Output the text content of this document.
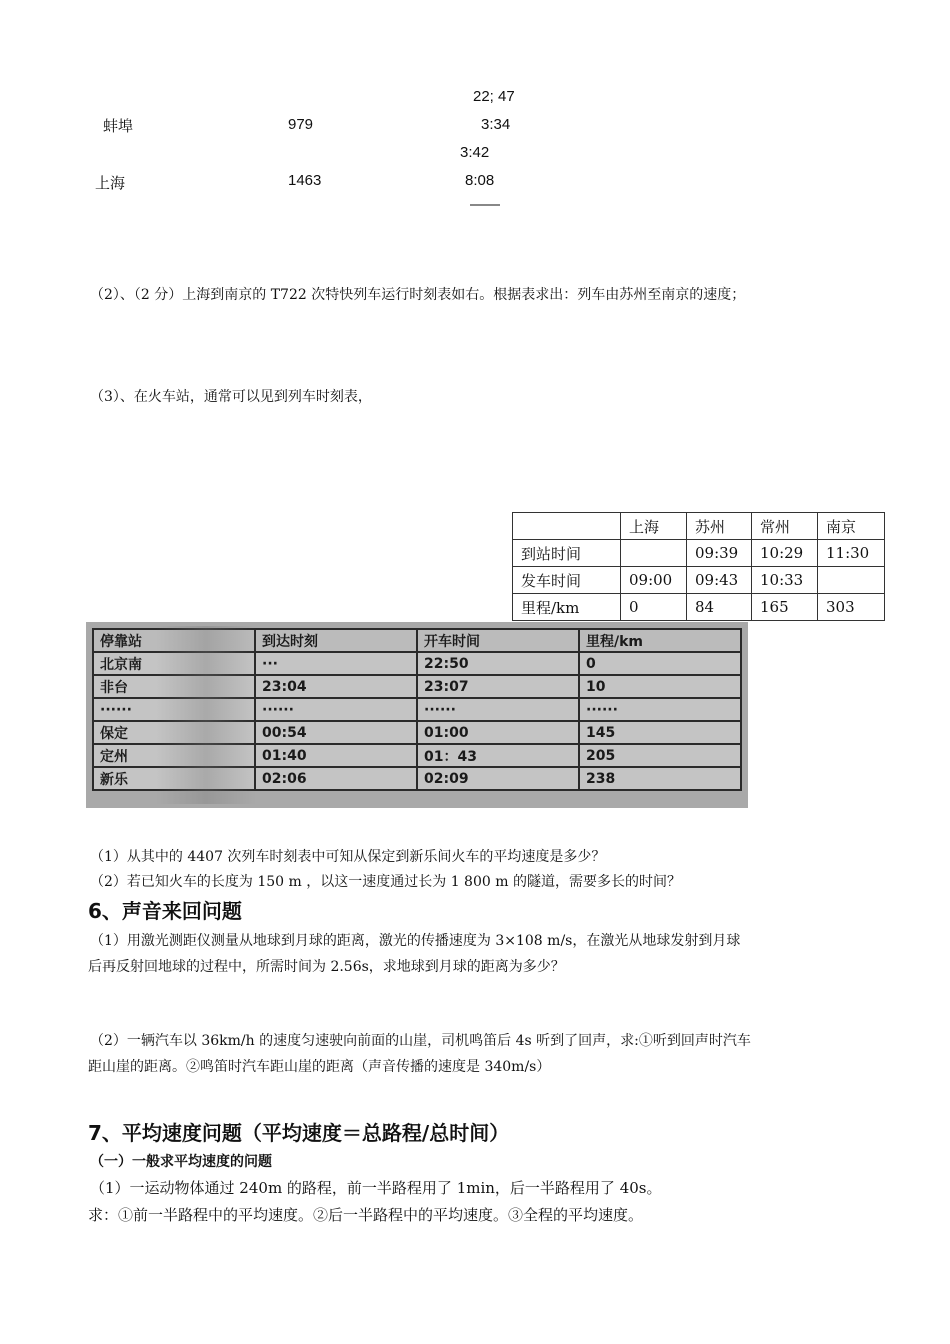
22; 47
蚌埠	979	3:34
3:42
上海	1463	8:08
——
（2）、（2 分）上海到南京的 T722 次特快列车运行时刻表如右。根据表求出：列车由苏州至南京的速度；
（3）、在火车站，通常可以见到列车时刻表，
	上海	苏州	常州	南京
到站时间		09:39	10:29	11:30
发车时间	09:00	09:43	10:33	
里程/km	0	84	165	303
停靠站	到达时刻	开车时间	里程/km
北京南	···	22:50	0
非台	23:04	23:07	10
······	······	······	······
保定	00:54	01:00	145
定州	01:40	01：43	205
新乐	02:06	02:09	238
（1）从其中的 4407 次列车时刻表中可知从保定到新乐间火车的平均速度是多少？
（2）若已知火车的长度为 150 m ，以这一速度通过长为 1 800 m 的隧道，需要多长的时间？
6、声音来回问题
（1）用激光测距仪测量从地球到月球的距离，激光的传播速度为 3×108 m/s，在激光从地球发射到月球
后再反射回地球的过程中，所需时间为 2.56s，求地球到月球的距离为多少？
（2）一辆汽车以 36km/h 的速度匀速驶向前面的山崖，司机鸣笛后 4s 听到了回声，求:①听到回声时汽车
距山崖的距离。②鸣笛时汽车距山崖的距离（声音传播的速度是 340m/s）
7、平均速度问题（平均速度＝总路程/总时间）
（一）一般求平均速度的问题
（1）一运动物体通过 240m 的路程，前一半路程用了 1min，后一半路程用了 40s。
求：①前一半路程中的平均速度。②后一半路程中的平均速度。③全程的平均速度。
